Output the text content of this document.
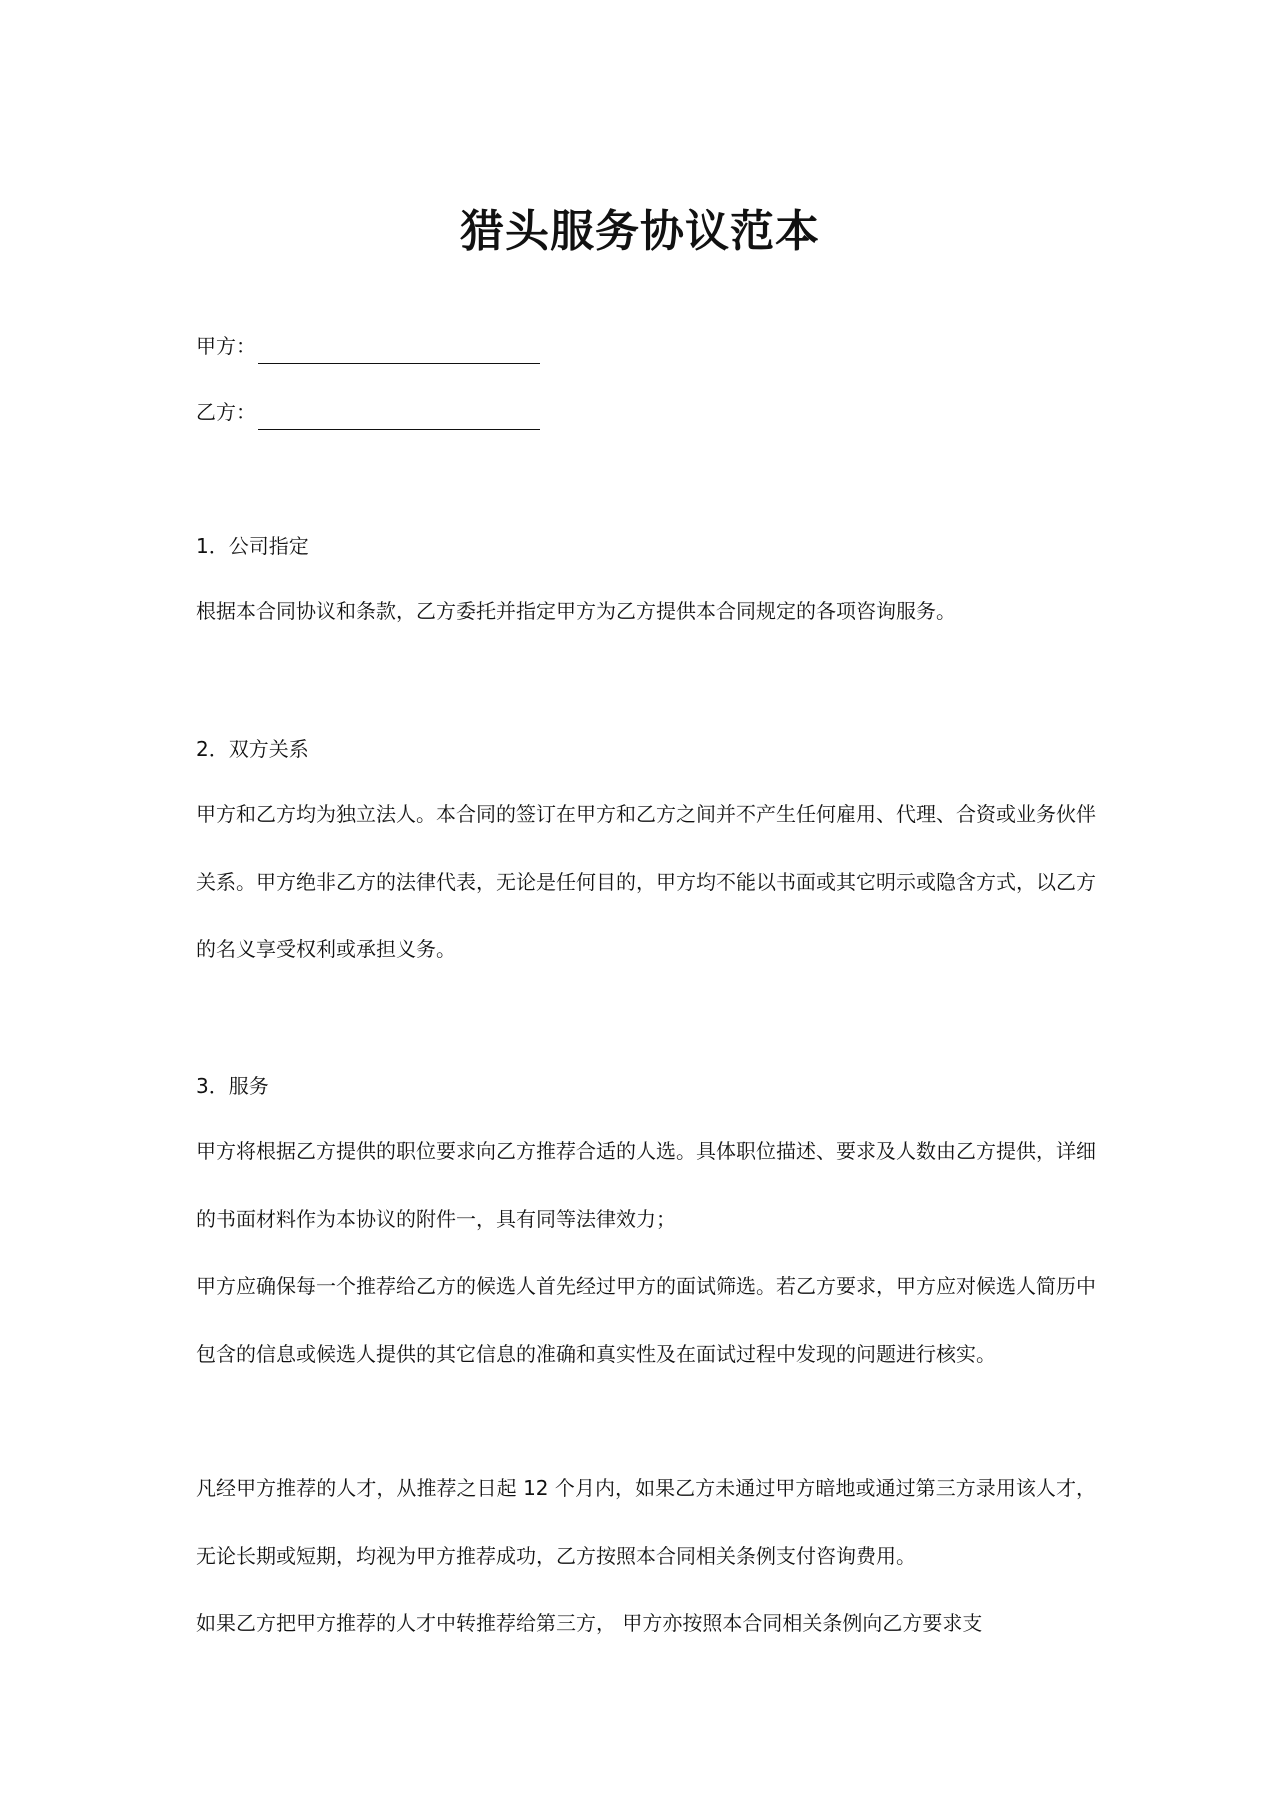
猎头服务协议范本
甲方：
乙方：
1．公司指定
根据本合同协议和条款，乙方委托并指定甲方为乙方提供本合同规定的各项咨询服务。
2．双方关系
甲方和乙方均为独立法人。本合同的签订在甲方和乙方之间并不产生任何雇用、代理、合资或业务伙伴关系。甲方绝非乙方的法律代表，无论是任何目的，甲方均不能以书面或其它明示或隐含方式，以乙方的名义享受权利或承担义务。
3．服务
甲方将根据乙方提供的职位要求向乙方推荐合适的人选。具体职位描述、要求及人数由乙方提供，详细的书面材料作为本协议的附件一，具有同等法律效力；
甲方应确保每一个推荐给乙方的候选人首先经过甲方的面试筛选。若乙方要求，甲方应对候选人简历中包含的信息或候选人提供的其它信息的准确和真实性及在面试过程中发现的问题进行核实。
凡经甲方推荐的人才，从推荐之日起 12 个月内，如果乙方未通过甲方暗地或通过第三方录用该人才，无论长期或短期，均视为甲方推荐成功，乙方按照本合同相关条例支付咨询费用。
如果乙方把甲方推荐的人才中转推荐给第三方， 甲方亦按照本合同相关条例向乙方要求支
